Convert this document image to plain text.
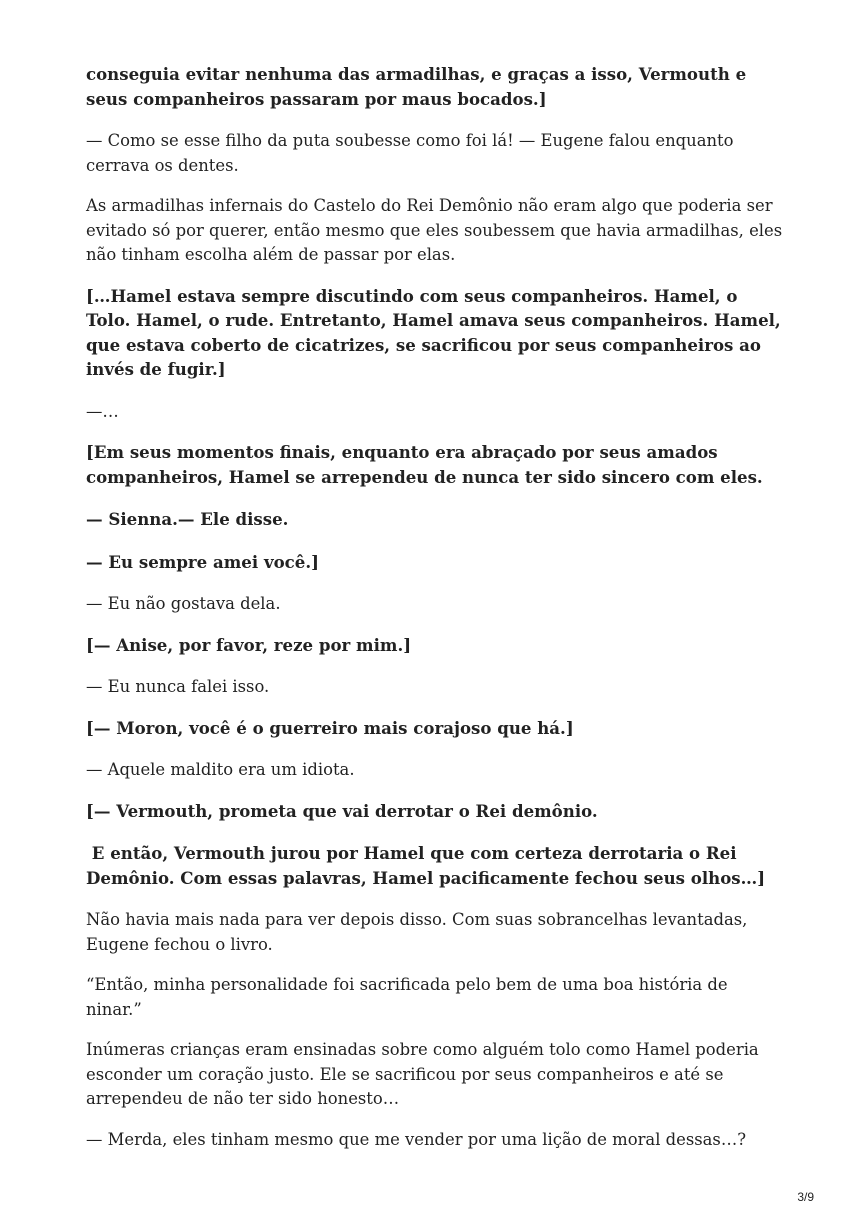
conseguia evitar nenhuma das armadilhas, e graças a isso, Vermouth e seus companheiros passaram por maus bocados.]

— Como se esse filho da puta soubesse como foi lá! — Eugene falou enquanto cerrava os dentes.

As armadilhas infernais do Castelo do Rei Demônio não eram algo que poderia ser evitado só por querer, então mesmo que eles soubessem que havia armadilhas, eles não tinham escolha além de passar por elas.

[…Hamel estava sempre discutindo com seus companheiros. Hamel, o Tolo. Hamel, o rude. Entretanto, Hamel amava seus companheiros. Hamel, que estava coberto de cicatrizes, se sacrificou por seus companheiros ao invés de fugir.]

—…

[Em seus momentos finais, enquanto era abraçado por seus amados companheiros, Hamel se arrependeu de nunca ter sido sincero com eles.

— Sienna.— Ele disse.

— Eu sempre amei você.]

— Eu não gostava dela.

[— Anise, por favor, reze por mim.]

— Eu nunca falei isso.

[— Moron, você é o guerreiro mais corajoso que há.]

— Aquele maldito era um idiota.

[— Vermouth, prometa que vai derrotar o Rei demônio.

E então, Vermouth jurou por Hamel que com certeza derrotaria o Rei Demônio. Com essas palavras, Hamel pacificamente fechou seus olhos…]

Não havia mais nada para ver depois disso. Com suas sobrancelhas levantadas, Eugene fechou o livro.

“Então, minha personalidade foi sacrificada pelo bem de uma boa história de ninar.”

Inúmeras crianças eram ensinadas sobre como alguém tolo como Hamel poderia esconder um coração justo. Ele se sacrificou por seus companheiros e até se arrependeu de não ter sido honesto…

— Merda, eles tinham mesmo que me vender por uma lição de moral dessas…?

3/9
